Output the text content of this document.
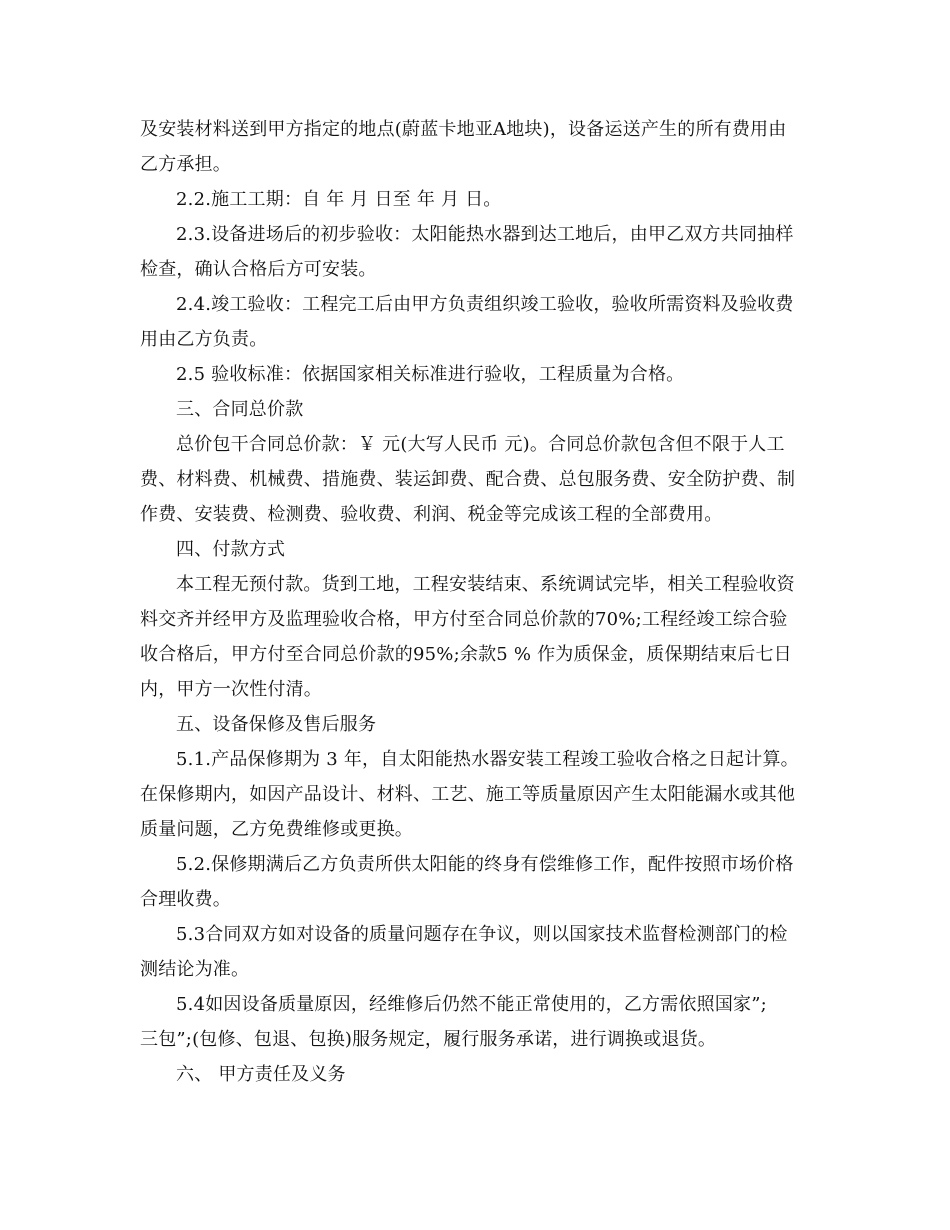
及安装材料送到甲方指定的地点(蔚蓝卡地亚A地块)，设备运送产生的所有费用由
乙方承担。
2.2.施工工期：自 年 月 日至 年 月 日。
2.3.设备进场后的初步验收：太阳能热水器到达工地后，由甲乙双方共同抽样
检查，确认合格后方可安装。
2.4.竣工验收：工程完工后由甲方负责组织竣工验收，验收所需资料及验收费
用由乙方负责。
2.5 验收标准：依据国家相关标准进行验收，工程质量为合格。
三、合同总价款
总价包干合同总价款：￥ 元(大写人民币 元)。合同总价款包含但不限于人工
费、材料费、机械费、措施费、装运卸费、配合费、总包服务费、安全防护费、制
作费、安装费、检测费、验收费、利润、税金等完成该工程的全部费用。
四、付款方式
本工程无预付款。货到工地，工程安装结束、系统调试完毕，相关工程验收资
料交齐并经甲方及监理验收合格，甲方付至合同总价款的70%;工程经竣工综合验
收合格后，甲方付至合同总价款的95%;余款5 % 作为质保金，质保期结束后七日
内，甲方一次性付清。
五、设备保修及售后服务
5.1.产品保修期为 3 年，自太阳能热水器安装工程竣工验收合格之日起计算。
在保修期内，如因产品设计、材料、工艺、施工等质量原因产生太阳能漏水或其他
质量问题，乙方免费维修或更换。
5.2.保修期满后乙方负责所供太阳能的终身有偿维修工作，配件按照市场价格
合理收费。
5.3合同双方如对设备的质量问题存在争议，则以国家技术监督检测部门的检
测结论为准。
5.4如因设备质量原因，经维修后仍然不能正常使用的，乙方需依照国家”;
三包”;(包修、包退、包换)服务规定，履行服务承诺，进行调换或退货。
六、 甲方责任及义务
